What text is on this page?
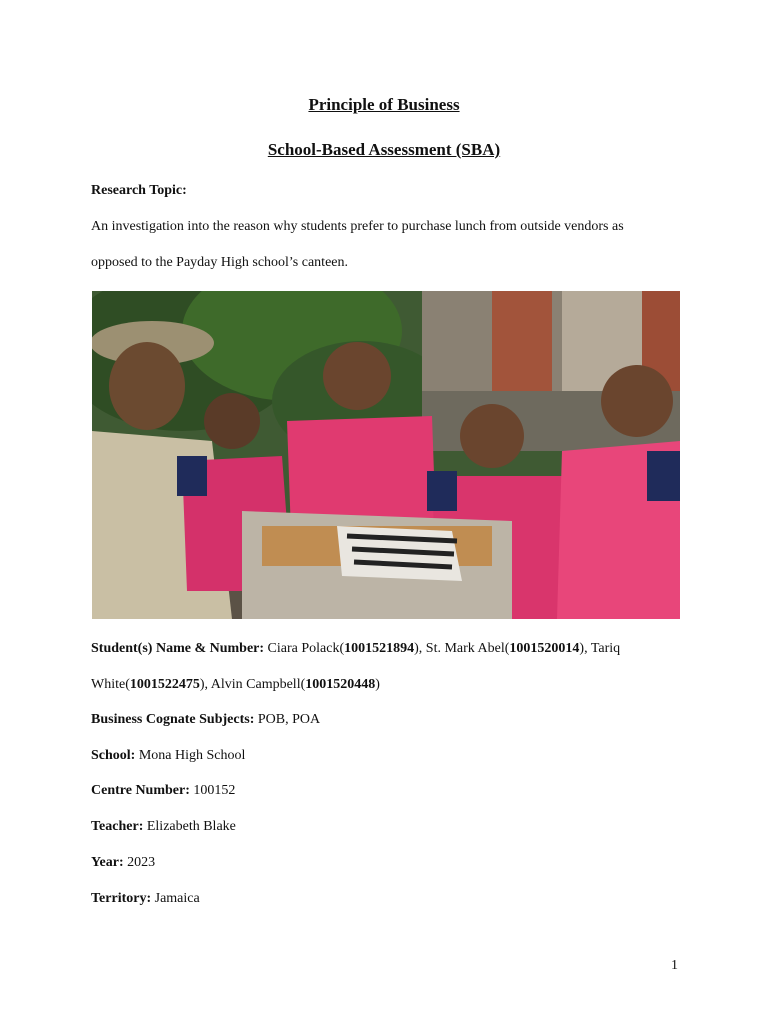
Principle of Business
School-Based Assessment (SBA)
Research Topic:
An investigation into the reason why students prefer to purchase lunch from outside vendors as
opposed to the Payday High school’s canteen.
Student(s) Name & Number: Ciara Polack(1001521894), St. Mark Abel(1001520014), Tariq
White(1001522475), Alvin Campbell(1001520448)
Business Cognate Subjects: POB, POA
School: Mona High School
Centre Number: 100152
Teacher: Elizabeth Blake
Year: 2023
Territory: Jamaica
1
